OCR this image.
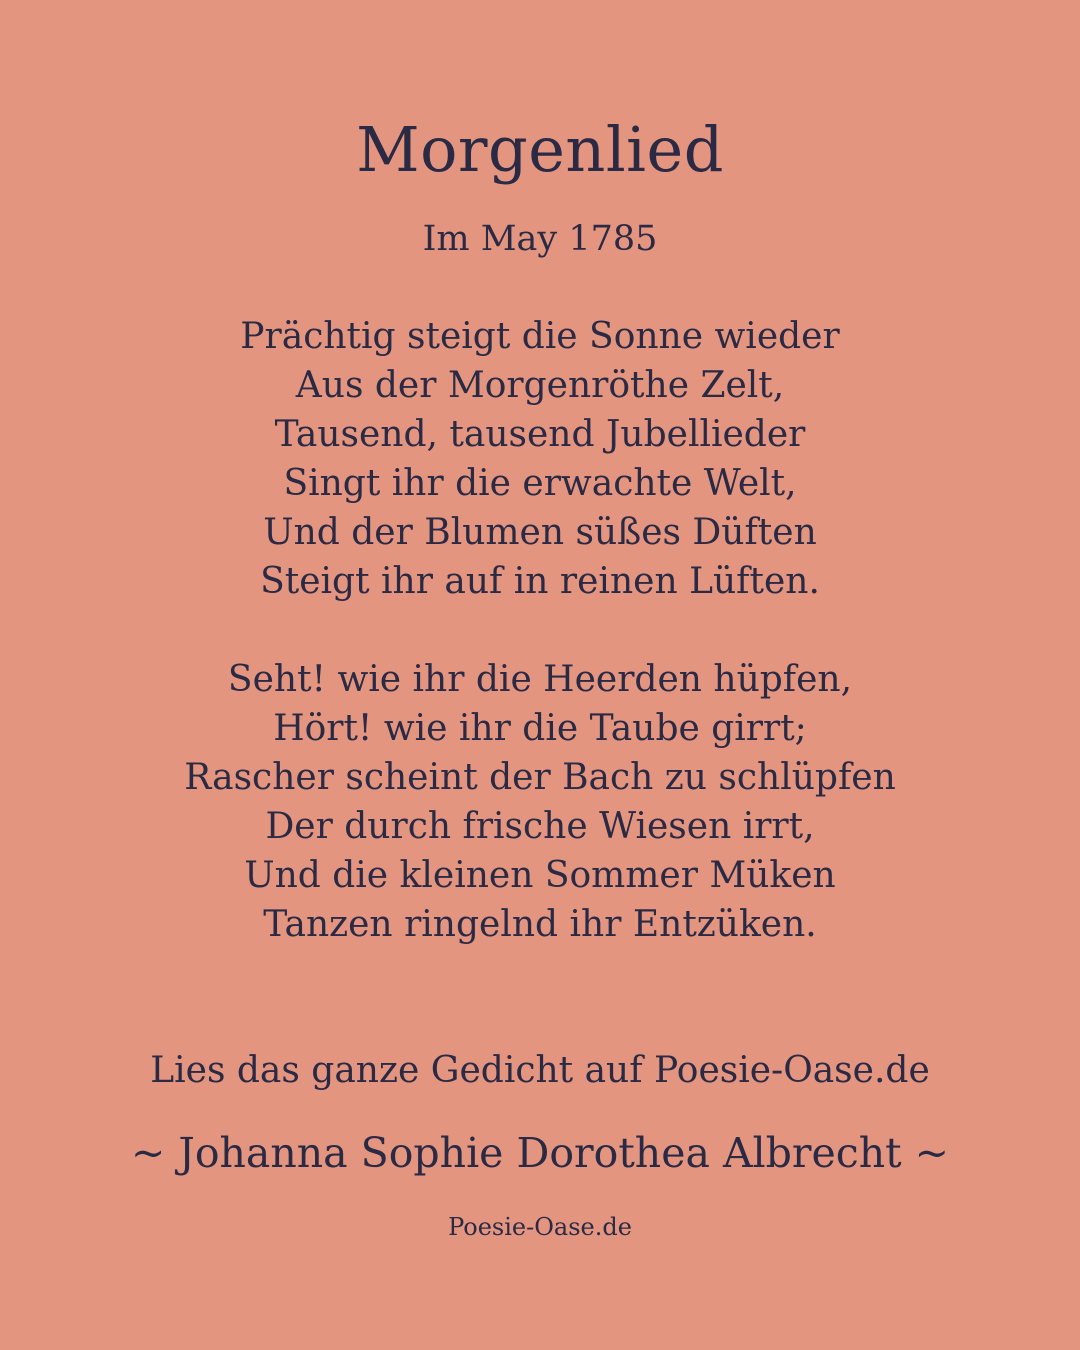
Morgenlied
Im May 1785
Prächtig steigt die Sonne wieder
Aus der Morgenröthe Zelt,
Tausend, tausend Jubellieder
Singt ihr die erwachte Welt,
Und der Blumen süßes Düften
Steigt ihr auf in reinen Lüften.
Seht! wie ihr die Heerden hüpfen,
Hört! wie ihr die Taube girrt;
Rascher scheint der Bach zu schlüpfen
Der durch frische Wiesen irrt,
Und die kleinen Sommer Müken
Tanzen ringelnd ihr Entzüken.
Lies das ganze Gedicht auf Poesie-Oase.de
~ Johanna Sophie Dorothea Albrecht ~
Poesie-Oase.de
